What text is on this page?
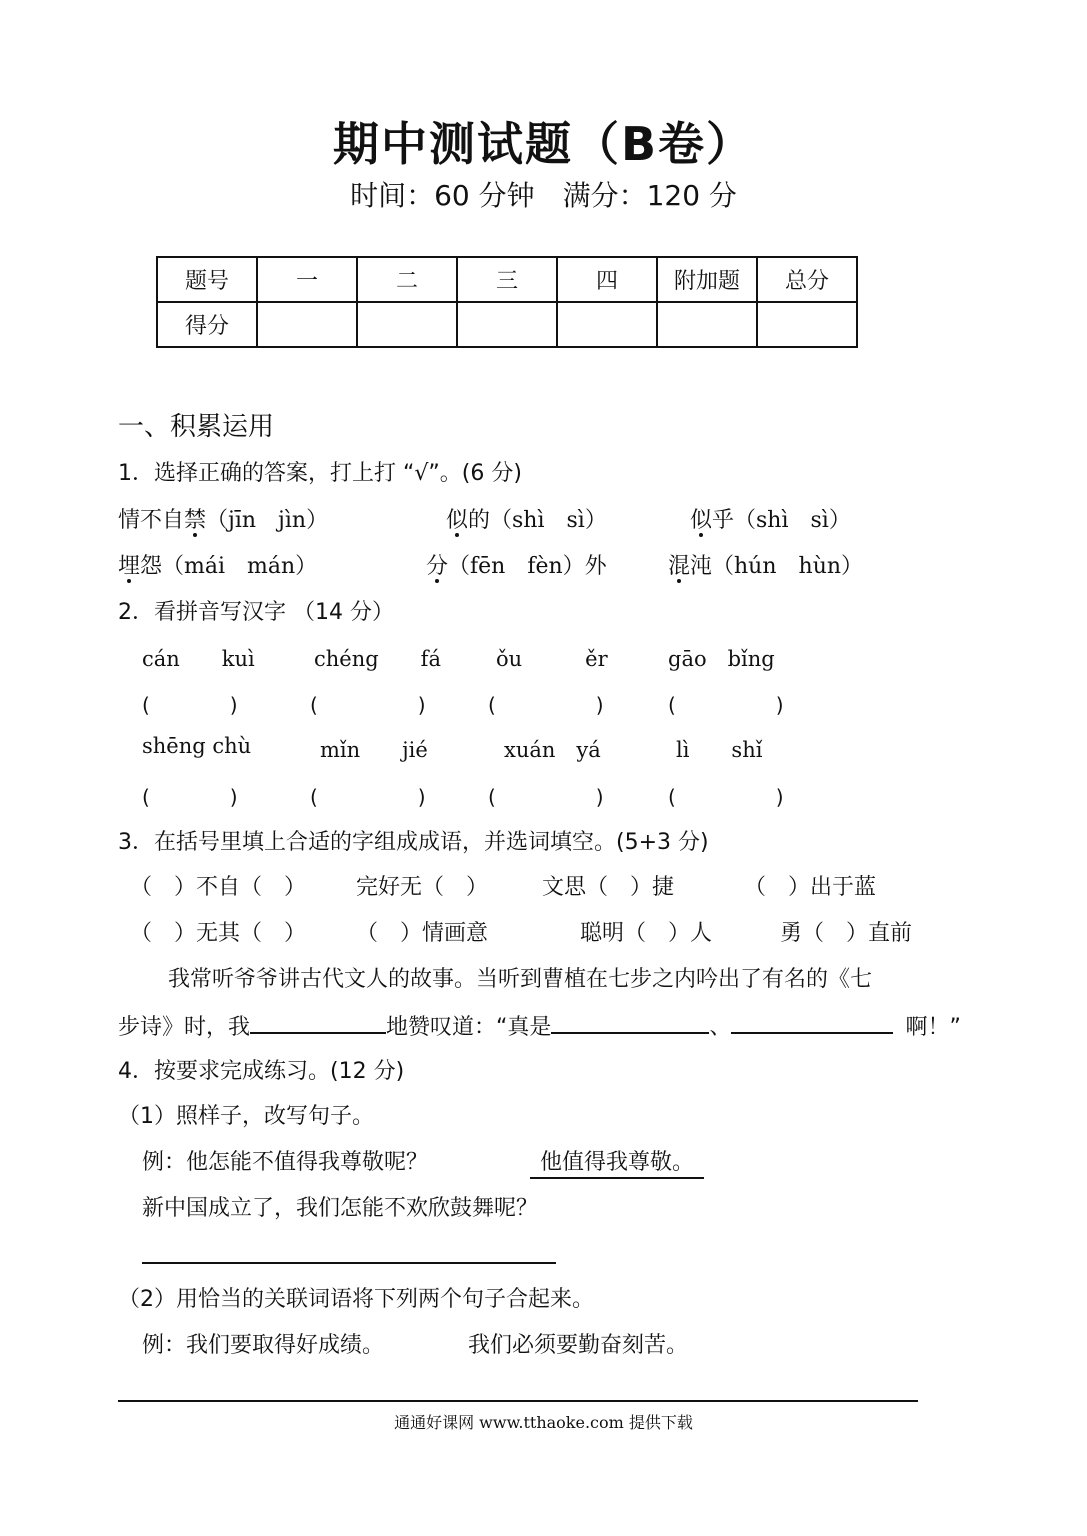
期中测试题（B卷）
时间：60 分钟　满分：120 分
题号	一	二	三	四	附加题	总分
得分						
一、积累运用
1．选择正确的答案，打上打 “√”。(6 分)
情不自禁（jīn　jìn）	似的（shì　sì）	似乎（shì　sì）
埋怨（mái　mán）	分（fēn　fèn）外	混沌（hún　hùn）
2．看拼音写汉字 （14 分）
cán　　kuì	chéng　　fá	ǒu　　　ěr	gāo　bǐng
(　　　　)	(　　　　　)	(　　　　　)	(　　　　　)
shēng chù	mǐn　　jié	xuán　yá	lì　　shǐ
(　　　　)	(　　　　　)	(　　　　　)	(　　　　　)
3．在括号里填上合适的字组成成语，并选词填空。(5+3 分)
（　）不自（　） 完好无（　） 文思（　）捷	（　）出于蓝
（　）无其（　） （　）情画意	聪明（　）人	勇（　）直前
我常听爷爷讲古代文人的故事。当听到曹植在七步之内吟出了有名的《七
步诗》时，我	地赞叹道：“真是	、	啊！”
4．按要求完成练习。(12 分)
（1）照样子，改写句子。
例：他怎能不值得我尊敬呢？	他值得我尊敬。
新中国成立了，我们怎能不欢欣鼓舞呢？
（2）用恰当的关联词语将下列两个句子合起来。
例：我们要取得好成绩。	我们必须要勤奋刻苦。
通通好课网 www.tthaoke.com 提供下载
